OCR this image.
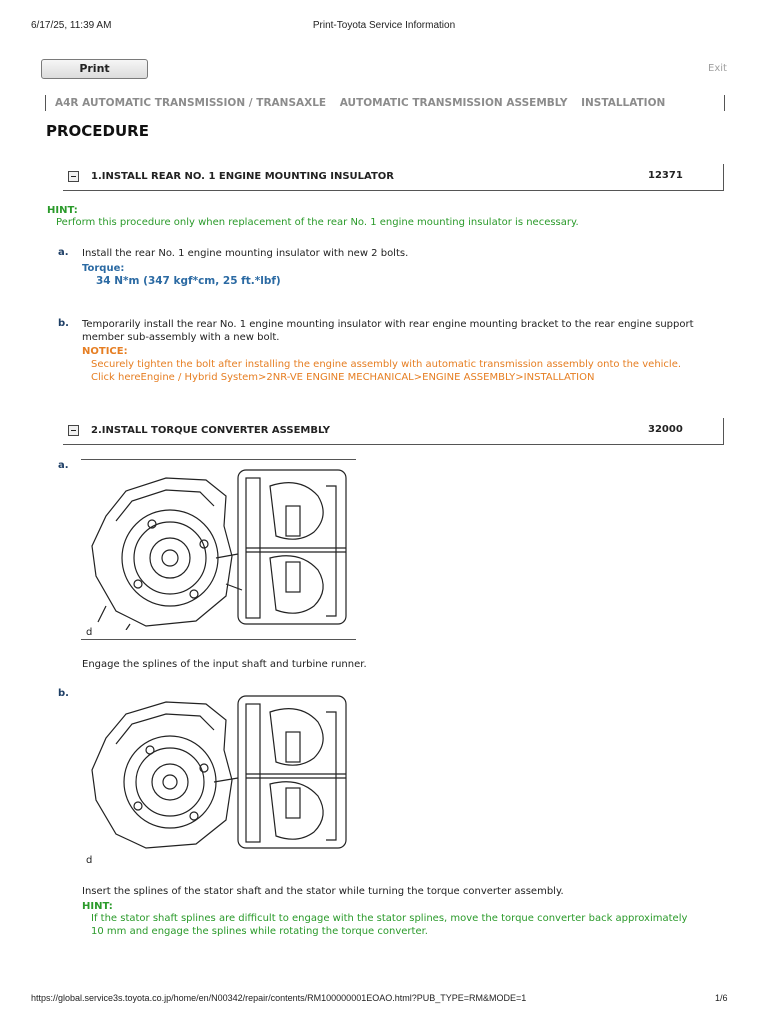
6/17/25, 11:39 AM	Print-Toyota Service Information
Print	Exit
A4R AUTOMATIC TRANSMISSION / TRANSAXLE AUTOMATIC TRANSMISSION ASSEMBLY INSTALLATION
PROCEDURE
1.INSTALL REAR NO. 1 ENGINE MOUNTING INSULATOR	12371
HINT:
Perform this procedure only when replacement of the rear No. 1 engine mounting insulator is necessary.
a. Install the rear No. 1 engine mounting insulator with new 2 bolts.
Torque:
34 N*m (347 kgf*cm, 25 ft.*lbf)
b. Temporarily install the rear No. 1 engine mounting insulator with rear engine mounting bracket to the rear engine support
member sub-assembly with a new bolt.
NOTICE:
Securely tighten the bolt after installing the engine assembly with automatic transmission assembly onto the vehicle.
Click hereEngine / Hybrid System>2NR-VE ENGINE MECHANICAL>ENGINE ASSEMBLY>INSTALLATION
2.INSTALL TORQUE CONVERTER ASSEMBLY	32000
a.
d
Engage the splines of the input shaft and turbine runner.
b.
d
Insert the splines of the stator shaft and the stator while turning the torque converter assembly.
HINT:
If the stator shaft splines are difficult to engage with the stator splines, move the torque converter back approximately
10 mm and engage the splines while rotating the torque converter.
https://global.service3s.toyota.co.jp/home/en/N00342/repair/contents/RM100000001EOAO.html?PUB_TYPE=RM&MODE=1	1/6
